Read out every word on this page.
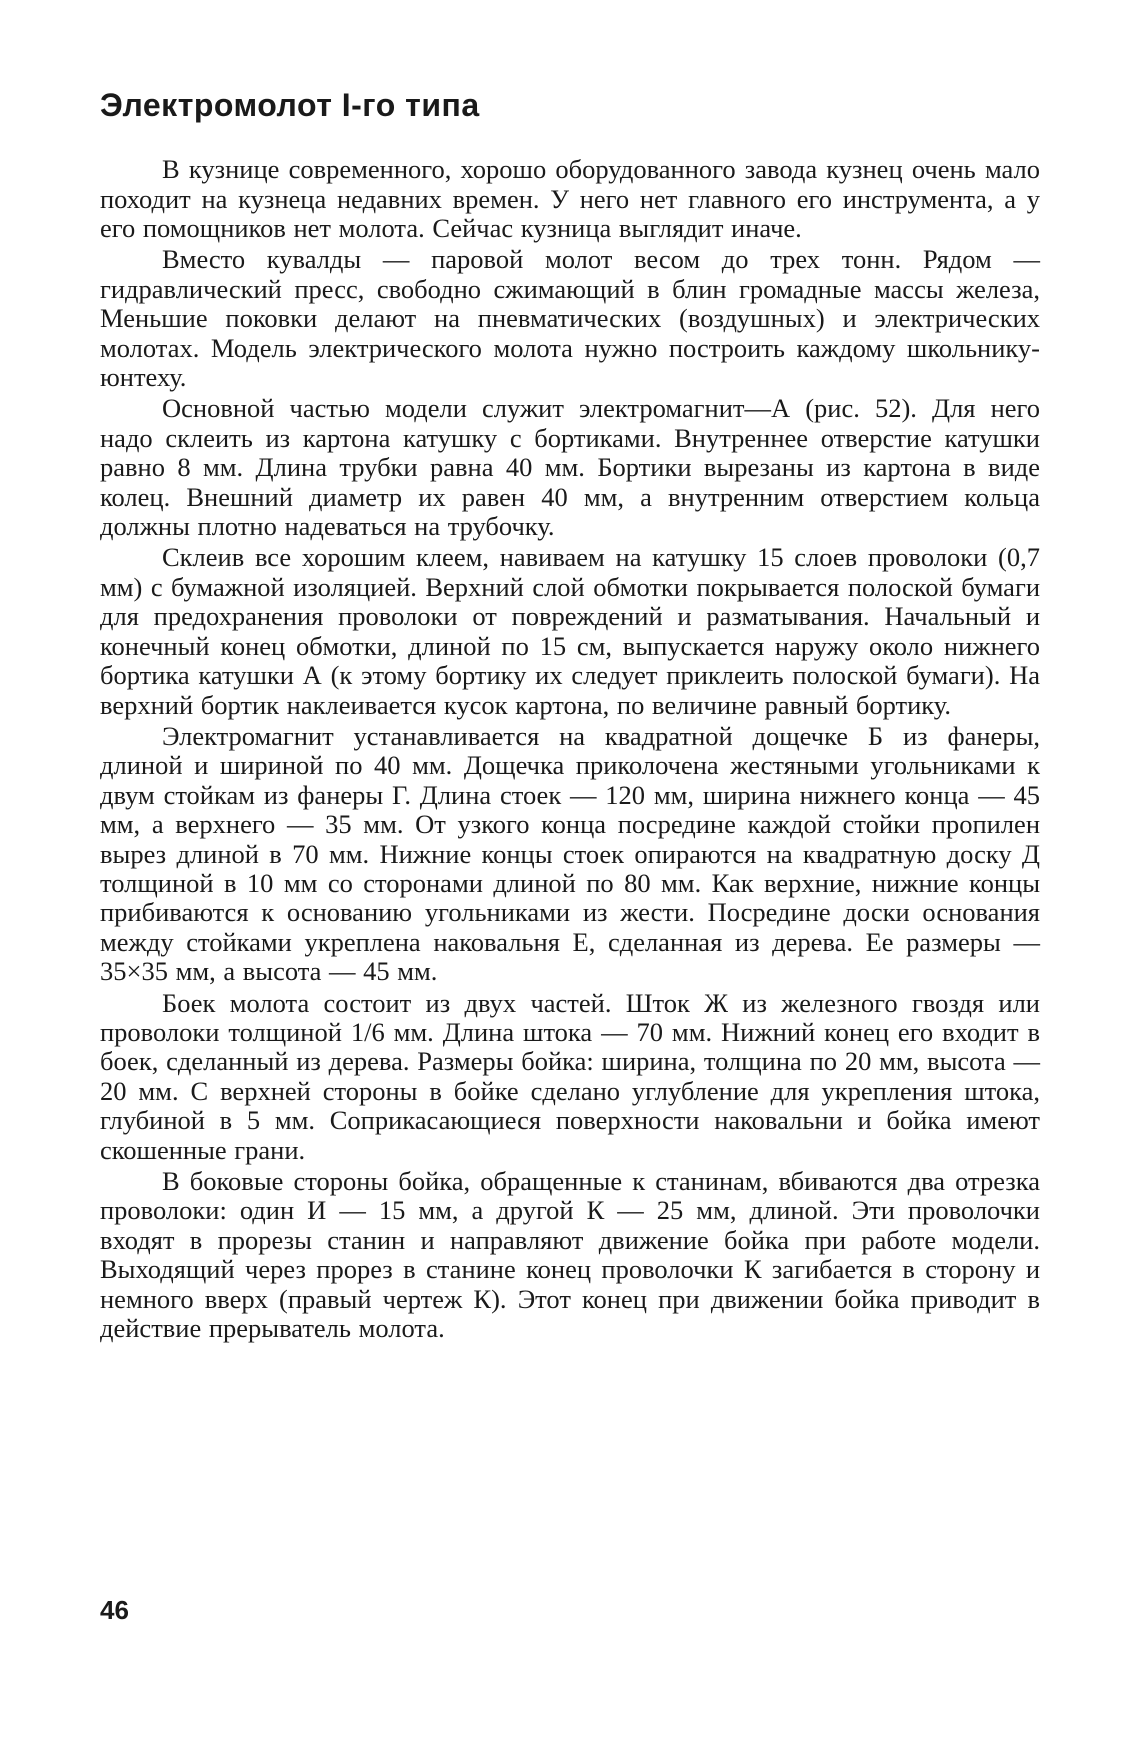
Электромолот I-го типа

В кузнице современного, хорошо оборудованного завода кузнец очень мало походит на кузнеца недавних времен. У него нет главного его инструмента, а у его помощников нет молота. Сейчас кузница выглядит иначе.

Вместо кувалды — паровой молот весом до трех тонн. Рядом — гидравлический пресс, свободно сжимающий в блин громадные массы железа, Меньшие поковки делают на пневматических (воздушных) и электрических молотах. Модель электрического молота нужно построить каждому школьнику-юнтеху.

Основной частью модели служит электромагнит—А (рис. 52). Для него надо склеить из картона катушку с бортиками. Внутреннее отверстие катушки равно 8 мм. Длина трубки равна 40 мм. Бортики вырезаны из картона в виде колец. Внешний диаметр их равен 40 мм, а внутренним отверстием кольца должны плотно надеваться на трубочку.

Склеив все хорошим клеем, навиваем на катушку 15 слоев проволоки (0,7 мм) с бумажной изоляцией. Верхний слой обмотки покрывается полоской бумаги для предохранения проволоки от повреждений и разматывания. Начальный и конечный конец обмотки, длиной по 15 см, выпускается наружу около нижнего бортика катушки А (к этому бортику их следует приклеить полоской бумаги). На верхний бортик наклеивается кусок картона, по величине равный бортику.

Электромагнит устанавливается на квадратной дощечке Б из фанеры, длиной и шириной по 40 мм. Дощечка приколочена жестяными угольниками к двум стойкам из фанеры Г. Длина стоек — 120 мм, ширина нижнего конца — 45 мм, а верхнего — 35 мм. От узкого конца посредине каждой стойки пропилен вырез длиной в 70 мм. Нижние концы стоек опираются на квадратную доску Д толщиной в 10 мм со сторонами длиной по 80 мм. Как верхние, нижние концы прибиваются к основанию угольниками из жести. Посредине доски основания между стойками укреплена наковальня Е, сделанная из дерева. Ее размеры — 35×35 мм, а высота — 45 мм.

Боек молота состоит из двух частей. Шток Ж из железного гвоздя или проволоки толщиной 1/6 мм. Длина штока — 70 мм. Нижний конец его входит в боек, сделанный из дерева. Размеры бойка: ширина, толщина по 20 мм, высота — 20 мм. С верхней стороны в бойке сделано углубление для укрепления штока, глубиной в 5 мм. Соприкасающиеся поверхности наковальни и бойка имеют скошенные грани.

В боковые стороны бойка, обращенные к станинам, вбиваются два отрезка проволоки: один И — 15 мм, а другой К — 25 мм, длиной. Эти проволочки входят в прорезы станин и направляют движение бойка при работе модели. Выходящий через прорез в станине конец проволочки К загибается в сторону и немного вверх (правый чертеж К). Этот конец при движении бойка приводит в действие прерыватель молота.

46
